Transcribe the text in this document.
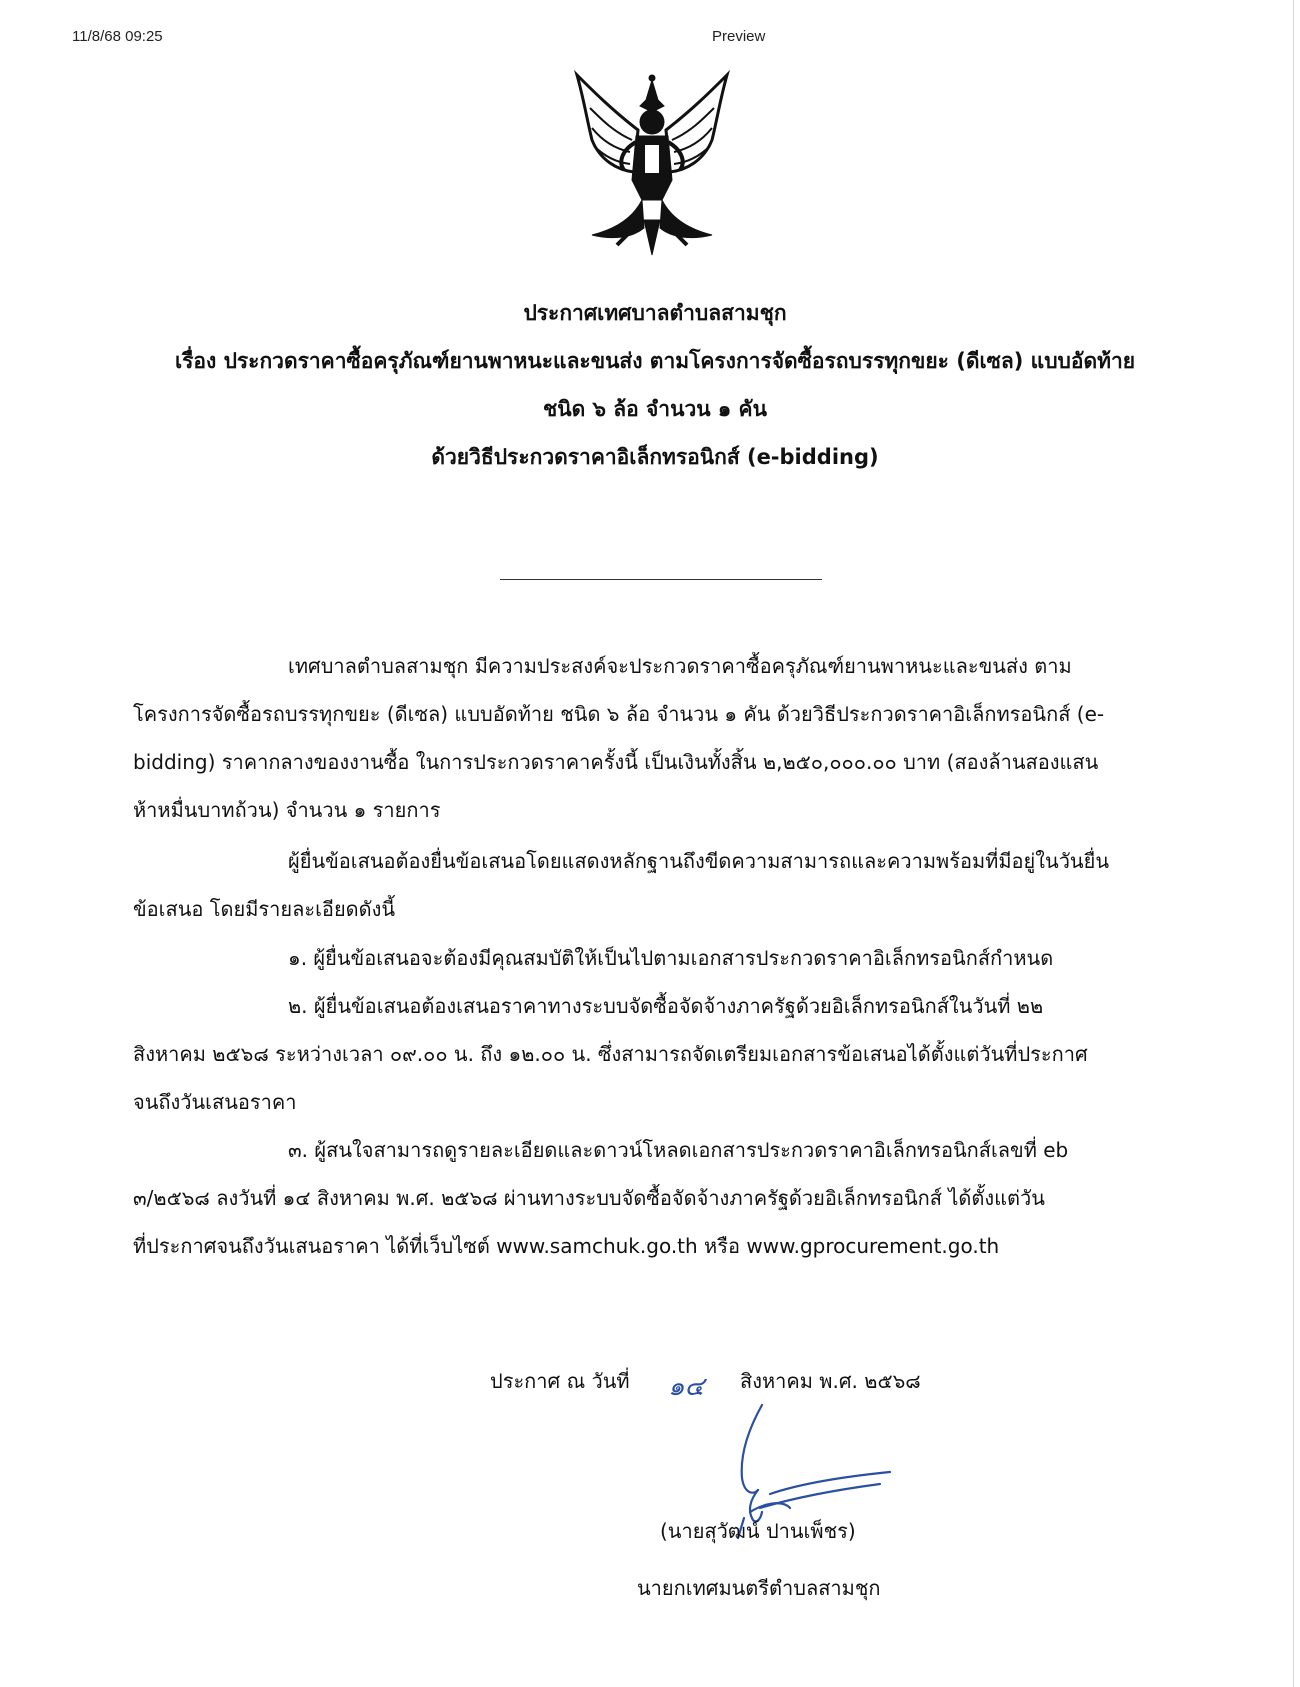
11/8/68 09:25	Preview
ประกาศเทศบาลตำบลสามชุก
เรื่อง ประกวดราคาซื้อครุภัณฑ์ยานพาหนะและขนส่ง ตามโครงการจัดซื้อรถบรรทุกขยะ (ดีเซล) แบบอัดท้าย
ชนิด ๖ ล้อ จำนวน ๑ คัน
ด้วยวิธีประกวดราคาอิเล็กทรอนิกส์ (e-bidding)
เทศบาลตำบลสามชุก มีความประสงค์จะประกวดราคาซื้อครุภัณฑ์ยานพาหนะและขนส่ง ตาม
โครงการจัดซื้อรถบรรทุกขยะ (ดีเซล) แบบอัดท้าย ชนิด ๖ ล้อ จำนวน ๑ คัน ด้วยวิธีประกวดราคาอิเล็กทรอนิกส์ (e-
bidding) ราคากลางของงานซื้อ ในการประกวดราคาครั้งนี้ เป็นเงินทั้งสิ้น ๒,๒๕๐,๐๐๐.๐๐ บาท (สองล้านสองแสน
ห้าหมื่นบาทถ้วน) จำนวน ๑ รายการ
ผู้ยื่นข้อเสนอต้องยื่นข้อเสนอโดยแสดงหลักฐานถึงขีดความสามารถและความพร้อมที่มีอยู่ในวันยื่น
ข้อเสนอ โดยมีรายละเอียดดังนี้
๑. ผู้ยื่นข้อเสนอจะต้องมีคุณสมบัติให้เป็นไปตามเอกสารประกวดราคาอิเล็กทรอนิกส์กำหนด
๒. ผู้ยื่นข้อเสนอต้องเสนอราคาทางระบบจัดซื้อจัดจ้างภาครัฐด้วยอิเล็กทรอนิกส์ในวันที่ ๒๒
สิงหาคม ๒๕๖๘ ระหว่างเวลา ๐๙.๐๐ น. ถึง ๑๒.๐๐ น. ซึ่งสามารถจัดเตรียมเอกสารข้อเสนอได้ตั้งแต่วันที่ประกาศ
จนถึงวันเสนอราคา
๓. ผู้สนใจสามารถดูรายละเอียดและดาวน์โหลดเอกสารประกวดราคาอิเล็กทรอนิกส์เลขที่ eb
๓/๒๕๖๘ ลงวันที่ ๑๔ สิงหาคม พ.ศ. ๒๕๖๘ ผ่านทางระบบจัดซื้อจัดจ้างภาครัฐด้วยอิเล็กทรอนิกส์ ได้ตั้งแต่วัน
ที่ประกาศจนถึงวันเสนอราคา ได้ที่เว็บไซต์ www.samchuk.go.th หรือ www.gprocurement.go.th
ประกาศ ณ วันที่ ๑๔ สิงหาคม พ.ศ. ๒๕๖๘
(นายสุวัฒน์ ปานเพ็ชร)
นายกเทศมนตรีตำบลสามชุก
